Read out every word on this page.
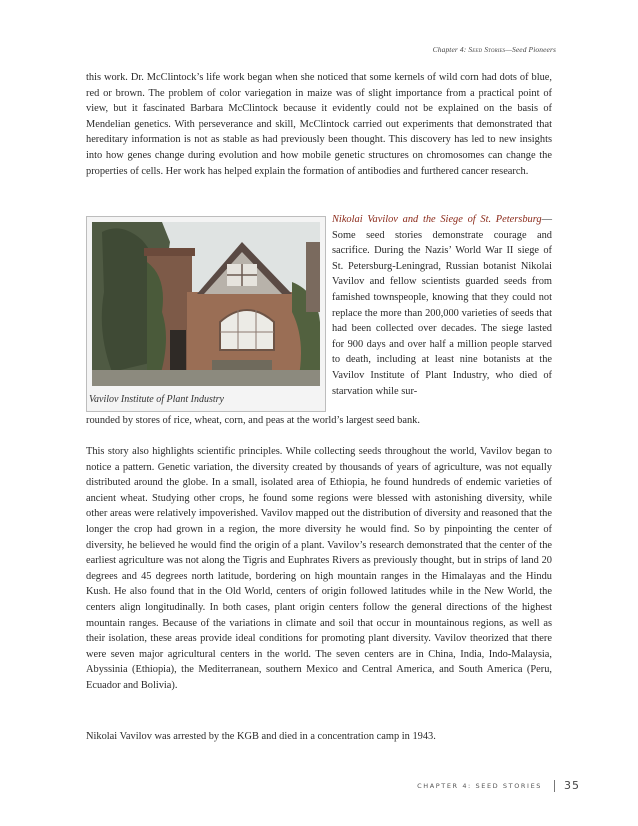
Chapter 4: Seed Stories—Seed Pioneers

this work. Dr. McClintock’s life work began when she noticed that some kernels of wild corn had dots of blue, red or brown. The problem of color variegation in maize was of slight importance from a practical point of view, but it fascinated Barbara McClintock because it evidently could not be explained on the basis of Mendelian genetics. With perseverance and skill, McClintock carried out experiments that demonstrated that hereditary information is not as stable as had previously been thought. This discovery has led to new insights into how genes change during evolution and how mobile genetic structures on chromosomes can change the properties of cells. Her work has helped explain the formation of antibodies and furthered cancer research.

Vavilov Institute of Plant Industry
Nikolai Vavilov and the Siege of St. Petersburg—Some seed stories demonstrate courage and sacrifice. During the Nazis’ World War II siege of St. Petersburg-Leningrad, Russian botanist Nikolai Vavilov and fellow scientists guarded seeds from famished townspeople, knowing that they could not replace the more than 200,000 varieties of seeds that had been collected over decades. The siege lasted for 900 days and over half a million people starved to death, including at least nine botanists at the Vavilov Institute of Plant Industry, who died of starvation while sur-
rounded by stores of rice, wheat, corn, and peas at the world’s largest seed bank.

This story also highlights scientific principles. While collecting seeds throughout the world, Vavilov began to notice a pattern. Genetic variation, the diversity created by thousands of years of agriculture, was not equally distributed around the globe. In a small, isolated area of Ethiopia, he found hundreds of endemic varieties of ancient wheat. Studying other crops, he found some regions were blessed with astonishing diversity, while other areas were relatively impoverished. Vavilov mapped out the distribution of diversity and reasoned that the longer the crop had grown in a region, the more diversity he would find. So by pinpointing the center of diversity, he believed he would find the origin of a plant. Vavilov’s research demonstrated that the center of the earliest agriculture was not along the Tigris and Euphrates Rivers as previously thought, but in strips of land 20 degrees and 45 degrees north latitude, bordering on high mountain ranges in the Himalayas and the Hindu Kush. He also found that in the Old World, centers of origin followed latitudes while in the New World, the centers align longitudinally. In both cases, plant origin centers follow the general directions of the highest mountain ranges. Because of the variations in climate and soil that occur in mountainous regions, as well as their isolation, these areas provide ideal conditions for promoting plant diversity. Vavilov theorized that there were seven major agricultural centers in the world. The seven centers are in China, India, Indo-Malaysia, Abyssinia (Ethiopia), the Mediterranean, southern Mexico and Central America, and South America (Peru, Ecuador and Bolivia).

Nikolai Vavilov was arrested by the KGB and died in a concentration camp in 1943.

CHAPTER 4: SEED STORIES 35
